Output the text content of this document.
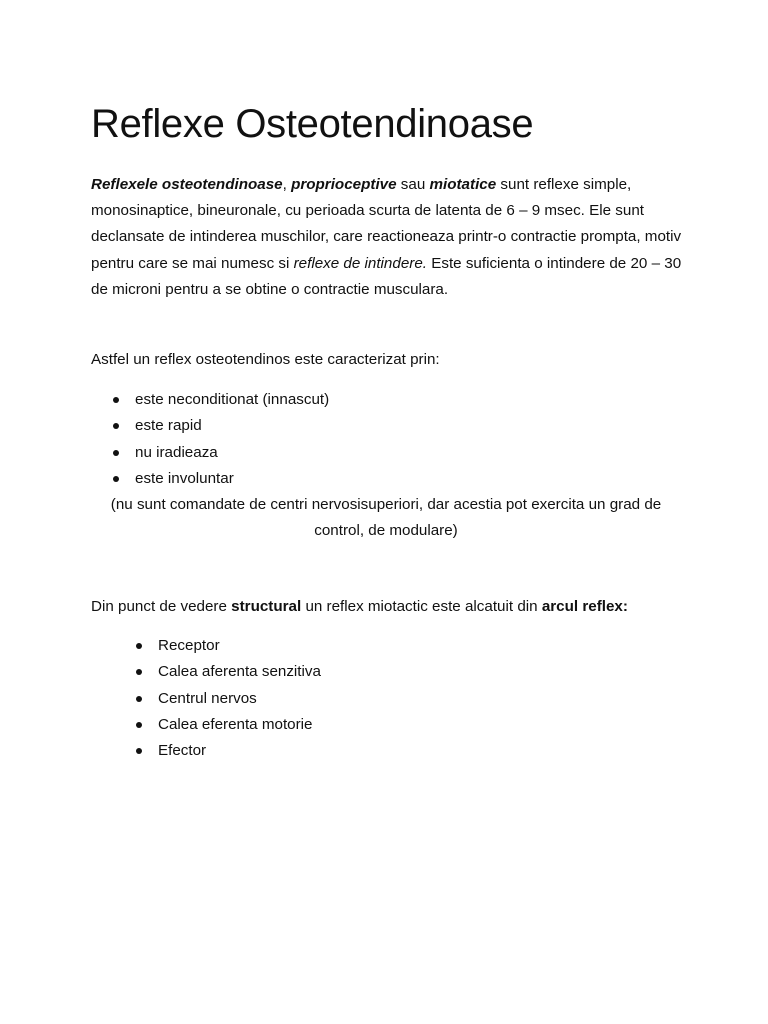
Reflexe Osteotendinoase

Reflexele osteotendinoase, proprioceptive sau miotatice sunt reflexe simple, monosinaptice, bineuronale, cu perioada scurta de latenta de 6 – 9 msec. Ele sunt declansate de intinderea muschilor, care reactioneaza printr-o contractie prompta, motiv pentru care se mai numesc si reflexe de intindere. Este suficienta o intindere de 20 – 30 de microni pentru a se obtine o contractie musculara.

Astfel un reflex osteotendinos este caracterizat prin:

este neconditionat (innascut)
este rapid
nu iradieaza
este involuntar

(nu sunt comandate de centri nervosisuperiori, dar acestia pot exercita un grad de control, de modulare)

Din punct de vedere structural un reflex miotactic este alcatuit din arcul reflex:

Receptor
Calea aferenta senzitiva
Centrul nervos
Calea eferenta motorie
Efector
